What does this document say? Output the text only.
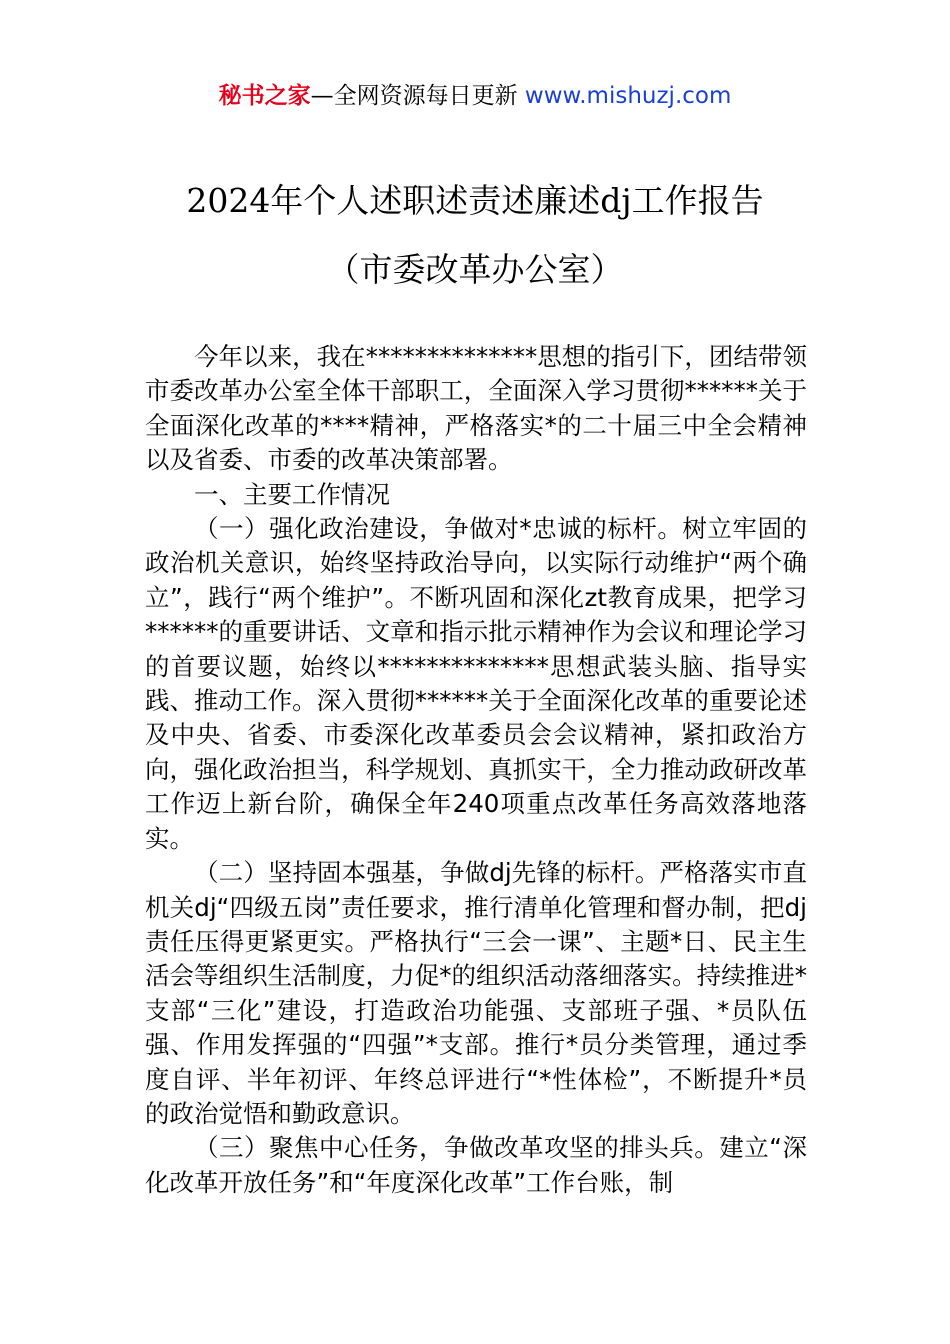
秘书之家—全网资源每日更新 www.mishuzj.com
2024年个人述职述责述廉述dj工作报告
（市委改革办公室）

今年以来，我在**************思想的指引下，团结带领市委改革办公室全体干部职工，全面深入学习贯彻******关于全面深化改革的****精神，严格落实*的二十届三中全会精神以及省委、市委的改革决策部署。

一、主要工作情况

（一）强化政治建设，争做对*忠诚的标杆。树立牢固的政治机关意识，始终坚持政治导向，以实际行动维护“两个确立”，践行“两个维护”。不断巩固和深化zt教育成果，把学习******的重要讲话、文章和指示批示精神作为会议和理论学习的首要议题，始终以**************思想武装头脑、指导实践、推动工作。深入贯彻******关于全面深化改革的重要论述及中央、省委、市委深化改革委员会会议精神，紧扣政治方向，强化政治担当，科学规划、真抓实干，全力推动政研改革工作迈上新台阶，确保全年240项重点改革任务高效落地落实。

（二）坚持固本强基，争做dj先锋的标杆。严格落实市直机关dj“四级五岗”责任要求，推行清单化管理和督办制，把dj责任压得更紧更实。严格执行“三会一课”、主题*日、民主生活会等组织生活制度，力促*的组织活动落细落实。持续推进*支部“三化”建设，打造政治功能强、支部班子强、*员队伍强、作用发挥强的“四强”*支部。推行*员分类管理，通过季度自评、半年初评、年终总评进行“*性体检”，不断提升*员的政治觉悟和勤政意识。

（三）聚焦中心任务，争做改革攻坚的排头兵。建立“深化改革开放任务”和“年度深化改革”工作台账，制
